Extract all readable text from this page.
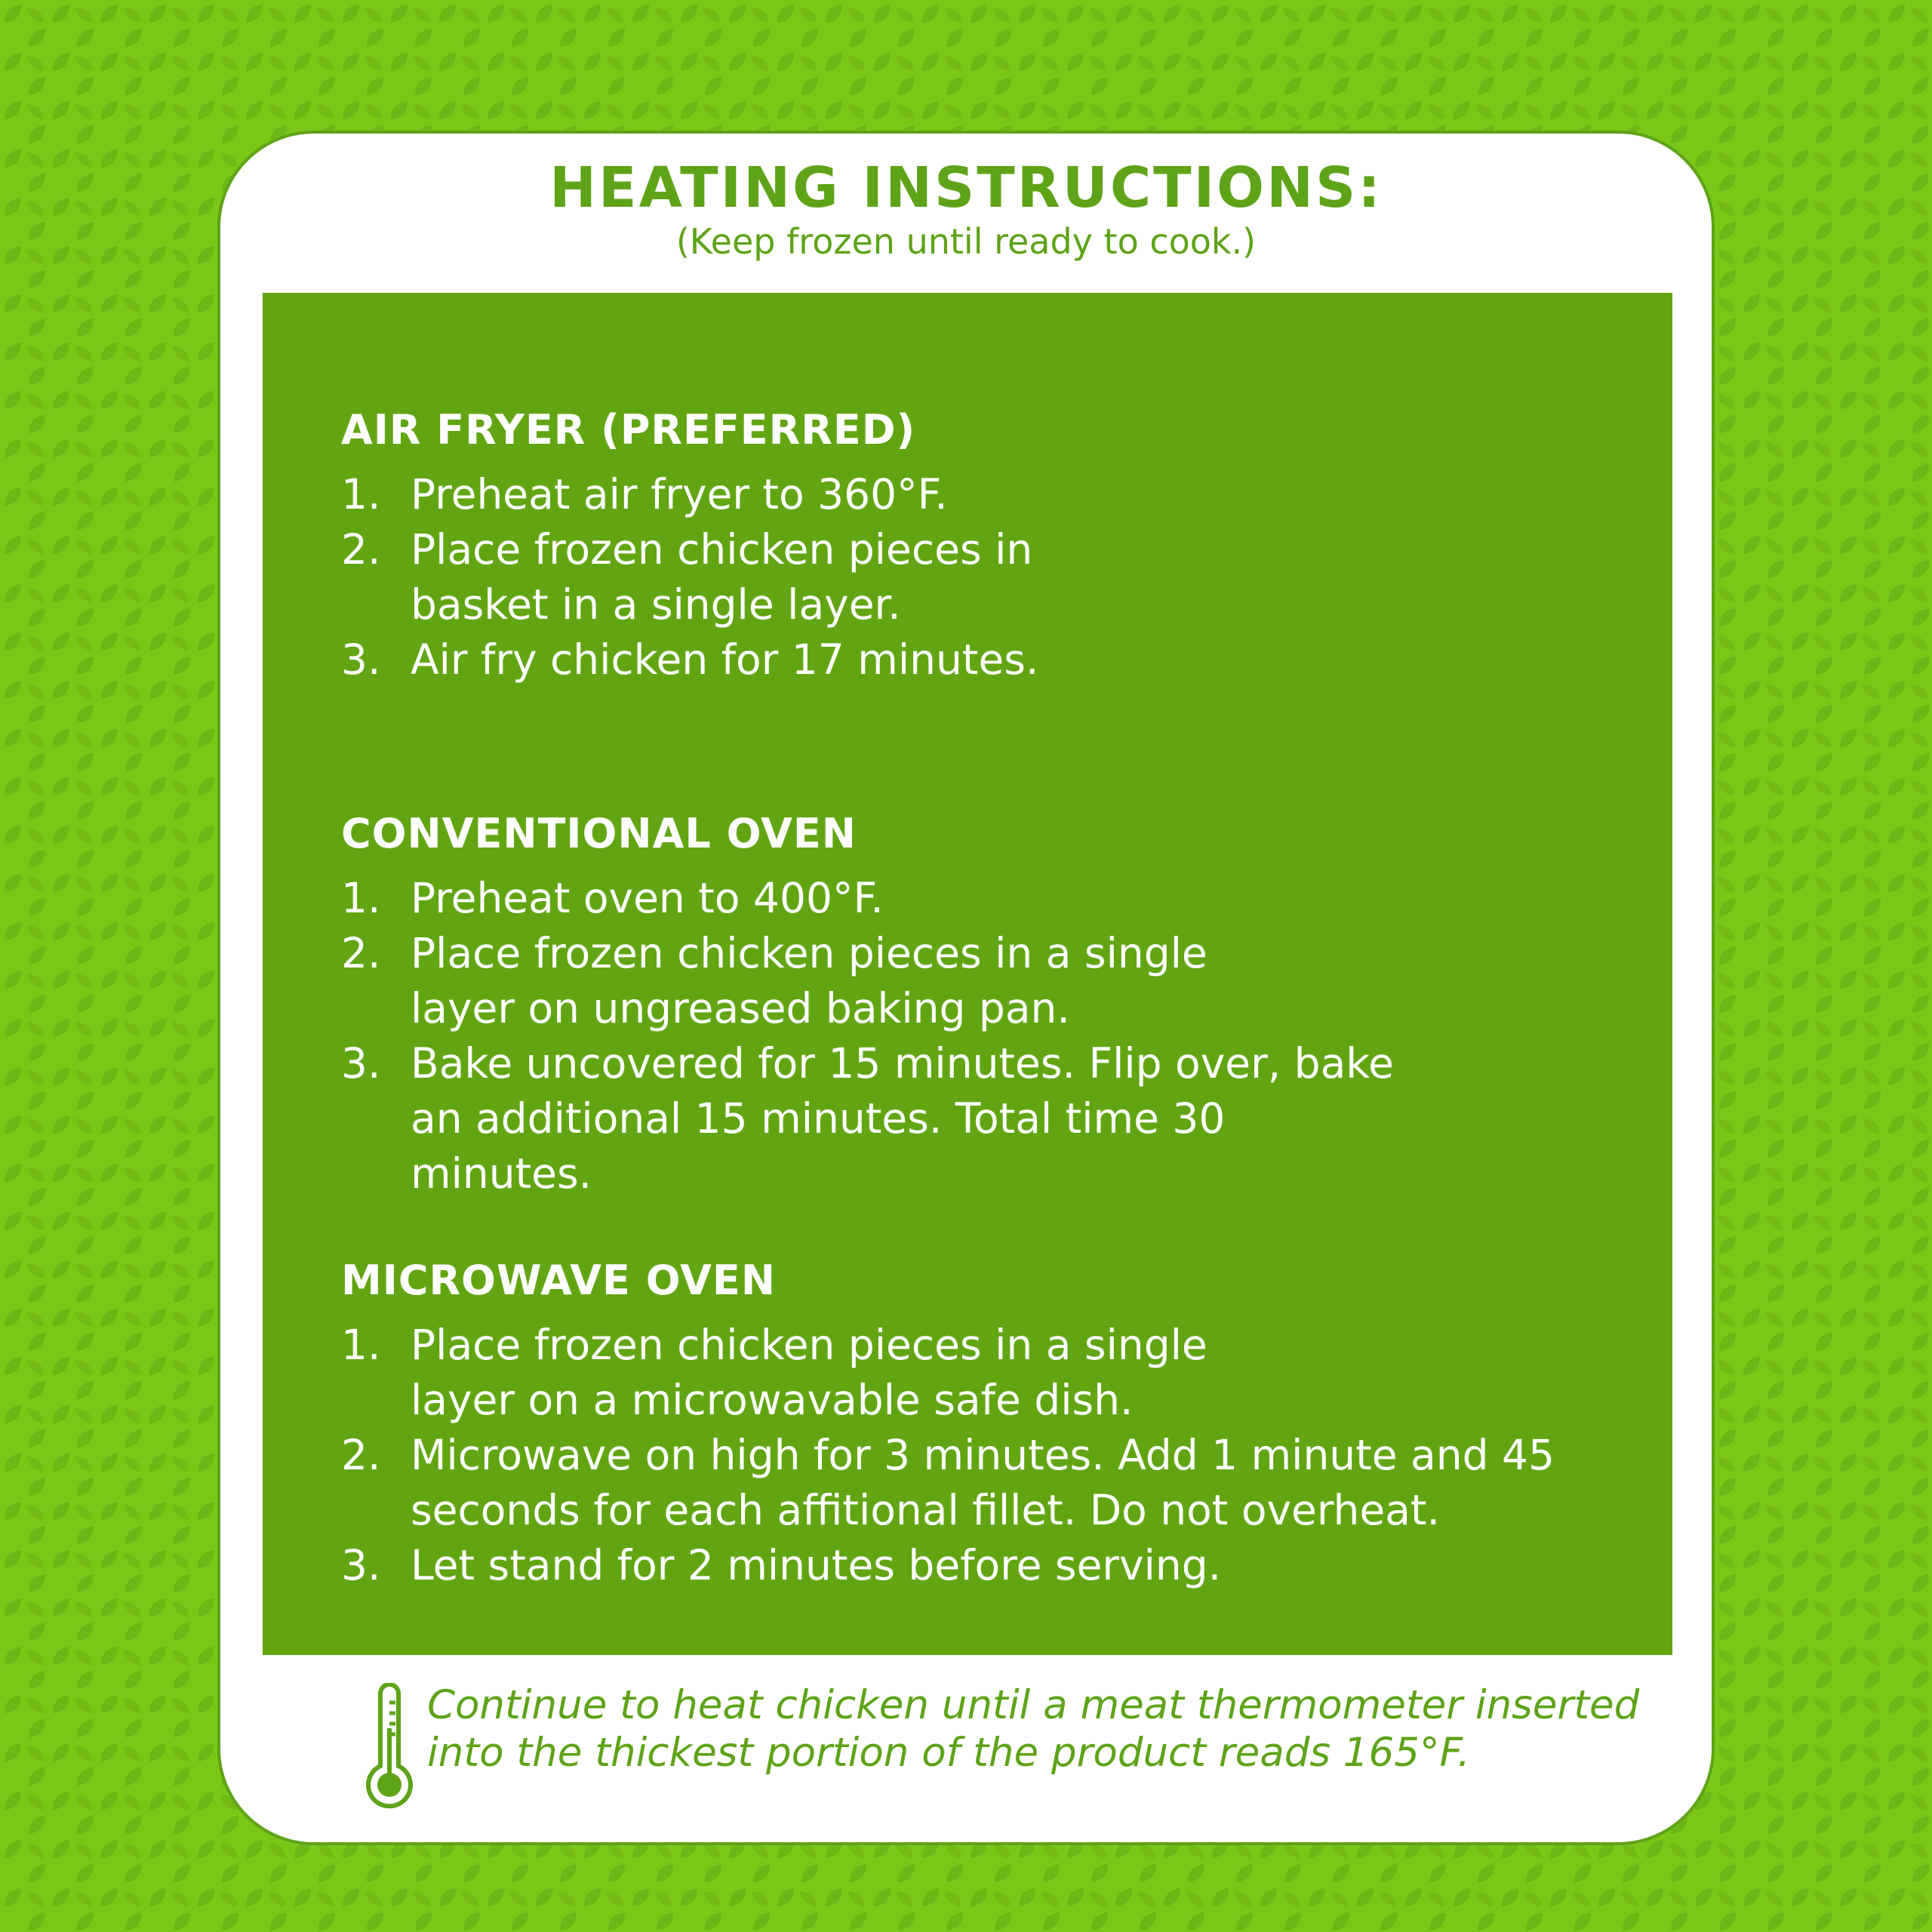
HEATING INSTRUCTIONS:
(Keep frozen until ready to cook.)
AIR FRYER (PREFERRED)
1. Preheat air fryer to 360°F.
2. Place frozen chicken pieces in basket in a single layer.
3. Air fry chicken for 17 minutes.
CONVENTIONAL OVEN
1. Preheat oven to 400°F.
2. Place frozen chicken pieces in a single layer on ungreased baking pan.
3. Bake uncovered for 15 minutes. Flip over, bake an additional 15 minutes. Total time 30 minutes.
MICROWAVE OVEN
1. Place frozen chicken pieces in a single layer on a microwavable safe dish.
2. Microwave on high for 3 minutes. Add 1 minute and 45 seconds for each affitional fillet. Do not overheat.
3. Let stand for 2 minutes before serving.
Continue to heat chicken until a meat thermometer inserted into the thickest portion of the product reads 165°F.
